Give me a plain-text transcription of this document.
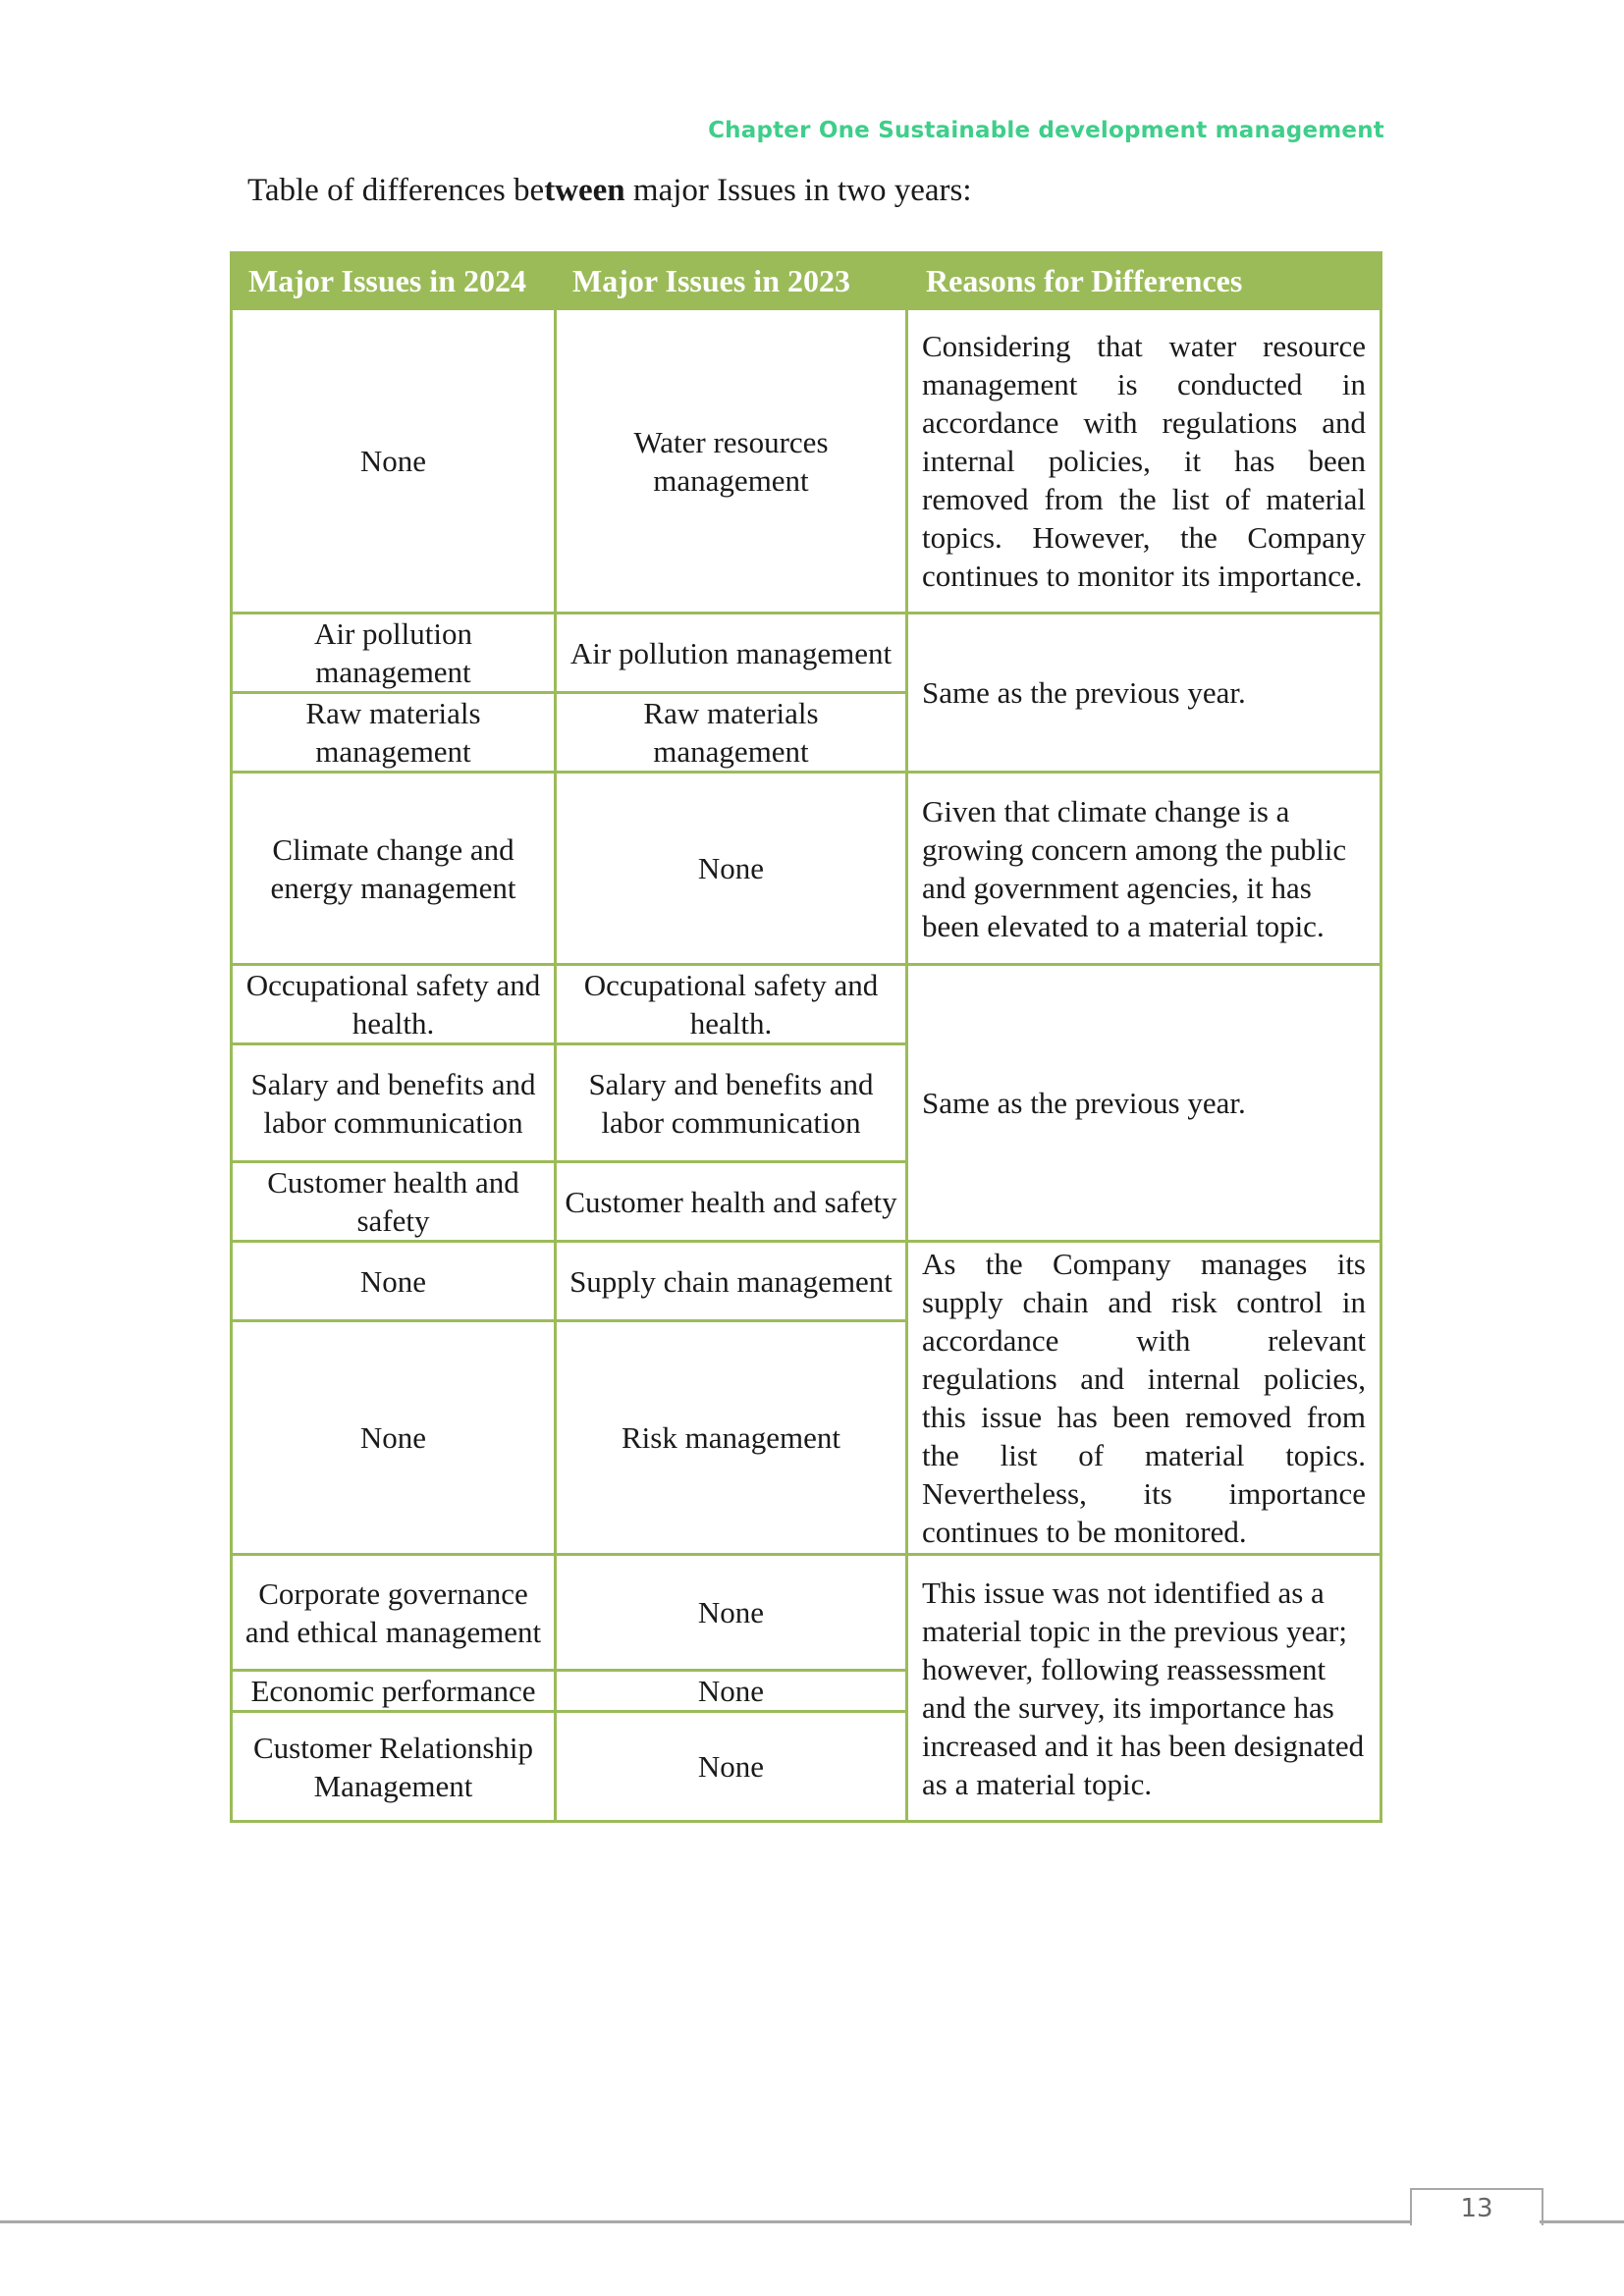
Chapter One Sustainable development management
Table of differences between major Issues in two years:
Major Issues in 2024	Major Issues in 2023	Reasons for Differences
None	Water resources management	Considering that water resource management is conducted in accordance with regulations and internal policies, it has been removed from the list of material topics. However, the Company continues to monitor its importance.
Air pollution management	Air pollution management	Same as the previous year.
Raw materials management	Raw materials management	
Climate change and energy management	None	Given that climate change is a growing concern among the public and government agencies, it has been elevated to a material topic.
Occupational safety and health.	Occupational safety and health.	Same as the previous year.
Salary and benefits and labor communication	Salary and benefits and labor communication	
Customer health and safety	Customer health and safety	
None	Supply chain management	As the Company manages its supply chain and risk control in accordance with relevant regulations and internal policies, this issue has been removed from the list of material topics. Nevertheless, its importance continues to be monitored.
None	Risk management	
Corporate governance and ethical management	None	This issue was not identified as a material topic in the previous year; however, following reassessment and the survey, its importance has increased and it has been designated as a material topic.
Economic performance	None	
Customer Relationship Management	None	
13
